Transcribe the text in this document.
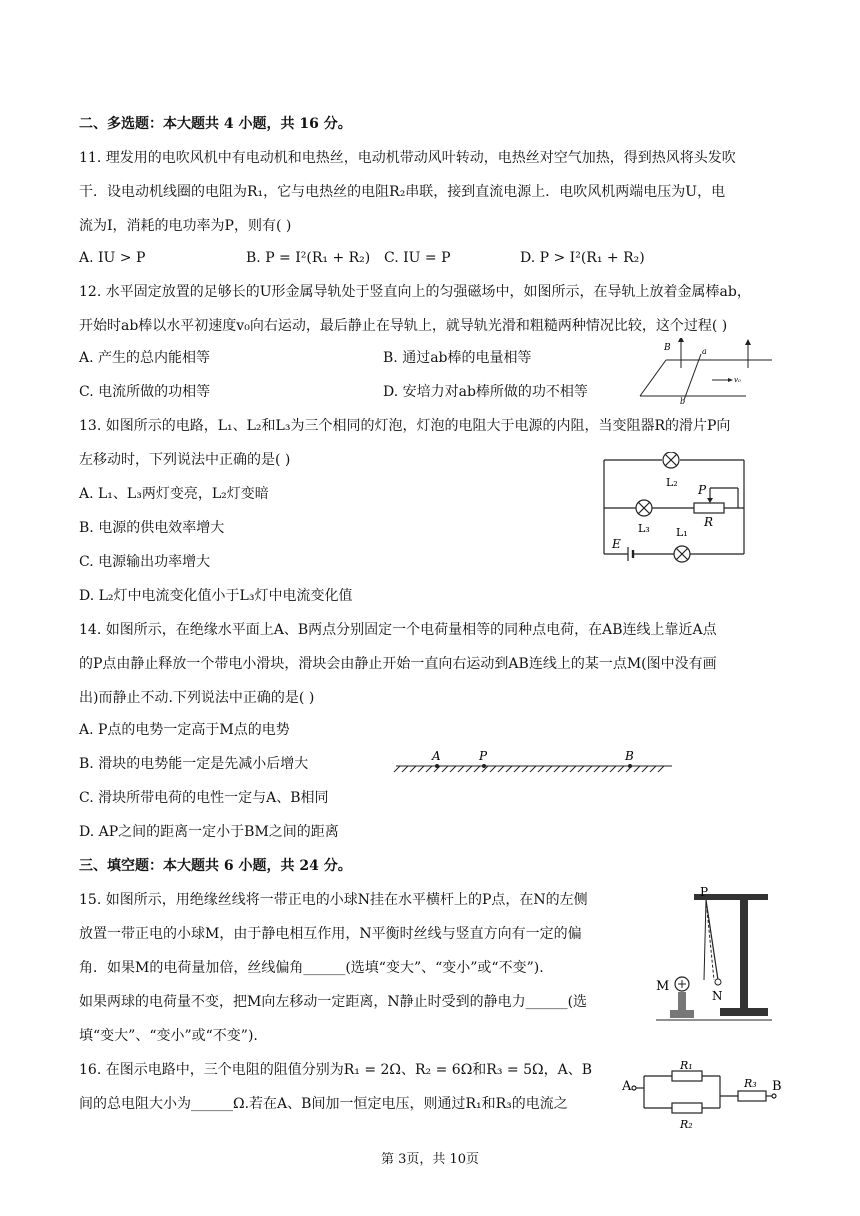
二、多选题：本大题共 4 小题，共 16 分。
11. 理发用的电吹风机中有电动机和电热丝，电动机带动风叶转动，电热丝对空气加热，得到热风将头发吹
干．设电动机线圈的电阻为R₁，它与电热丝的电阻R₂串联，接到直流电源上．电吹风机两端电压为U，电
流为I，消耗的电功率为P，则有( )
A. IU > P	B. P = I²(R₁ + R₂) C. IU = P	D. P > I²(R₁ + R₂)
12. 水平固定放置的足够长的U形金属导轨处于竖直向上的匀强磁场中，如图所示，在导轨上放着金属棒ab，
开始时ab棒以水平初速度v₀向右运动，最后静止在导轨上，就导轨光滑和粗糙两种情况比较，这个过程( )
A. 产生的总内能相等	B. 通过ab棒的电量相等
C. 电流所做的功相等	D. 安培力对ab棒所做的功不相等
B	a
b
v₀
13. 如图所示的电路，L₁、L₂和L₃为三个相同的灯泡，灯泡的电阻大于电源的内阻，当变阻器R的滑片P向
左移动时，下列说法中正确的是( )
A. L₁、L₃两灯变亮，L₂灯变暗
B. 电源的供电效率增大
C. 电源输出功率增大
D. L₂灯中电流变化值小于L₃灯中电流变化值
L₂
L₃ L₁
P
R
E
14. 如图所示，在绝缘水平面上A、B两点分别固定一个电荷量相等的同种点电荷，在AB连线上靠近A点
的P点由静止释放一个带电小滑块，滑块会由静止开始一直向右运动到AB连线上的某一点M(图中没有画
出)而静止不动.下列说法中正确的是( )
A. P点的电势一定高于M点的电势
B. 滑块的电势能一定是先减小后增大
C. 滑块所带电荷的电性一定与A、B相同
D. AP之间的距离一定小于BM之间的距离
A	P	B
三、填空题：本大题共 6 小题，共 24 分。
15. 如图所示，用绝缘丝线将一带正电的小球N挂在水平横杆上的P点，在N的左侧
放置一带正电的小球M，由于静电相互作用，N平衡时丝线与竖直方向有一定的偏
角．如果M的电荷量加倍，丝线偏角______(选填“变大”、“变小”或“不变”).
如果两球的电荷量不变，把M向左移动一定距离，N静止时受到的静电力______(选
填“变大”、“变小”或“不变”).
P
M
N
16. 在图示电路中，三个电阻的阻值分别为R₁ = 2Ω、R₂ = 6Ω和R₃ = 5Ω，A、B
间的总电阻大小为______Ω.若在A、B间加一恒定电压，则通过R₁和R₃的电流之
A	B
R₁
R₂
R₃
第 3页，共 10页
